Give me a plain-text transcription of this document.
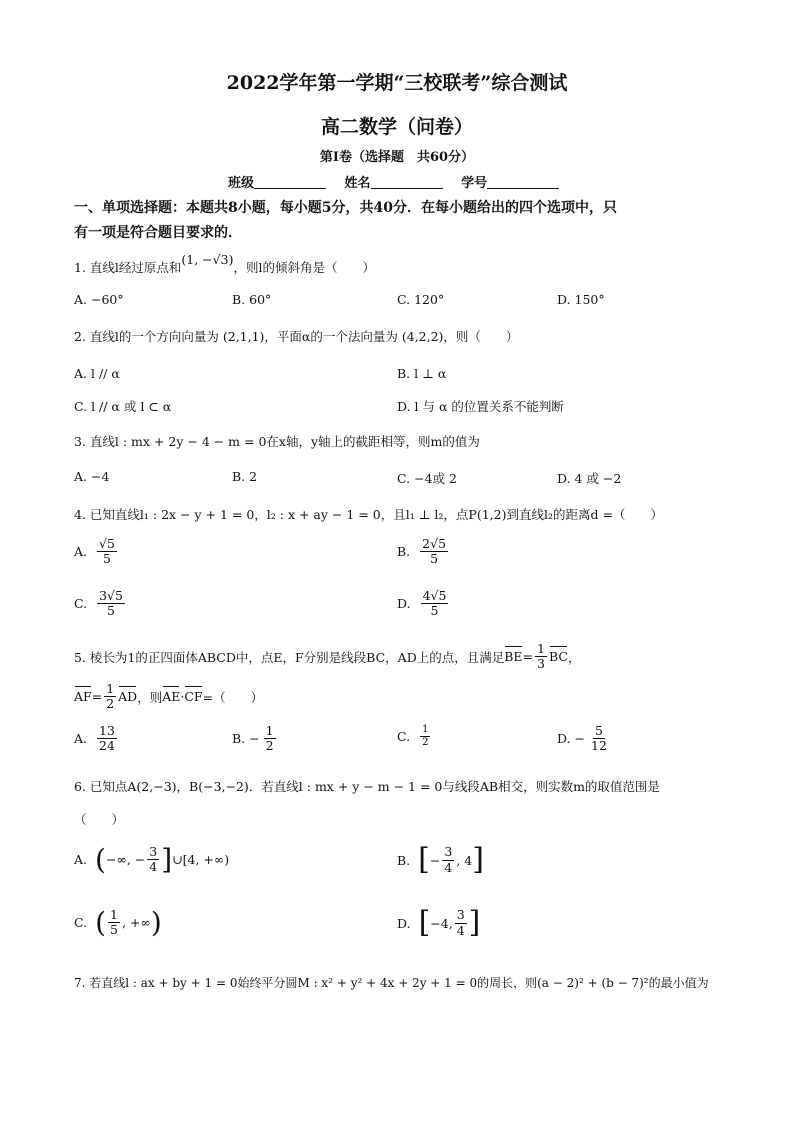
2022学年第一学期“三校联考”综合测试
高二数学（问卷）
第Ⅰ卷（选择题　共60分）
班级	姓名	学号
一、单项选择题：本题共8小题，每小题5分，共40分．在每小题给出的四个选项中，只
有一项是符合题目要求的．
1. 直线l经过原点和
(1, −√3)
，则l的倾斜角是（　　）
A. −60°	B. 60°	C. 120°	D. 150°
2. 直线l的一个方向向量为 (2,1,1)，平面α的一个法向量为 (4,2,2)，则（　　）
A. l // α	B. l ⊥ α
C. l // α 或 l ⊂ α	D. l 与 α 的位置关系不能判断
3. 直线l : mx + 2y − 4 − m = 0在x轴，y轴上的截距相等，则m的值为
A. −4	B. 2	C. −4或 2	D. 4 或 −2
4. 已知直线l₁ : 2x − y + 1 = 0，l₂ : x + ay − 1 = 0，且l₁ ⊥ l₂，点P(1,2)到直线l₂的距离d =（　　）
A. $\frac{√5}{5}$	B. $\frac{2√5}{5}$
C. $\frac{3√5}{5}$	D. $\frac{4√5}{5}$
5. 棱长为1的正四面体ABCD中，点E，F分别是线段BC，AD上的点，且满足 BE = $\frac{1}{3}$ BC ，
AF = $\frac{1}{2}$ AD ，则 AE · CF =（　　）
A. $\frac{13}{24}$	B. − $\frac{1}{2}$	C. $\frac{1}{2}$	D. − $\frac{5}{12}$
6. 已知点A(2,−3)，B(−3,−2)．若直线l : mx + y − m − 1 = 0与线段AB相交，则实数m的取值范围是
（　　）
A. ( −∞, − $\frac{3}{4}$ ] ∪[4, +∞)	B. [ − $\frac{3}{4}$ , 4 ]
C. ( $\frac{1}{5}$ , +∞ )	D. [ −4, $\frac{3}{4}$ ]
7. 若直线l : ax + by + 1 = 0始终平分圆M : x² + y² + 4x + 2y + 1 = 0的周长，则(a − 2)² + (b − 7)²的最小值为
